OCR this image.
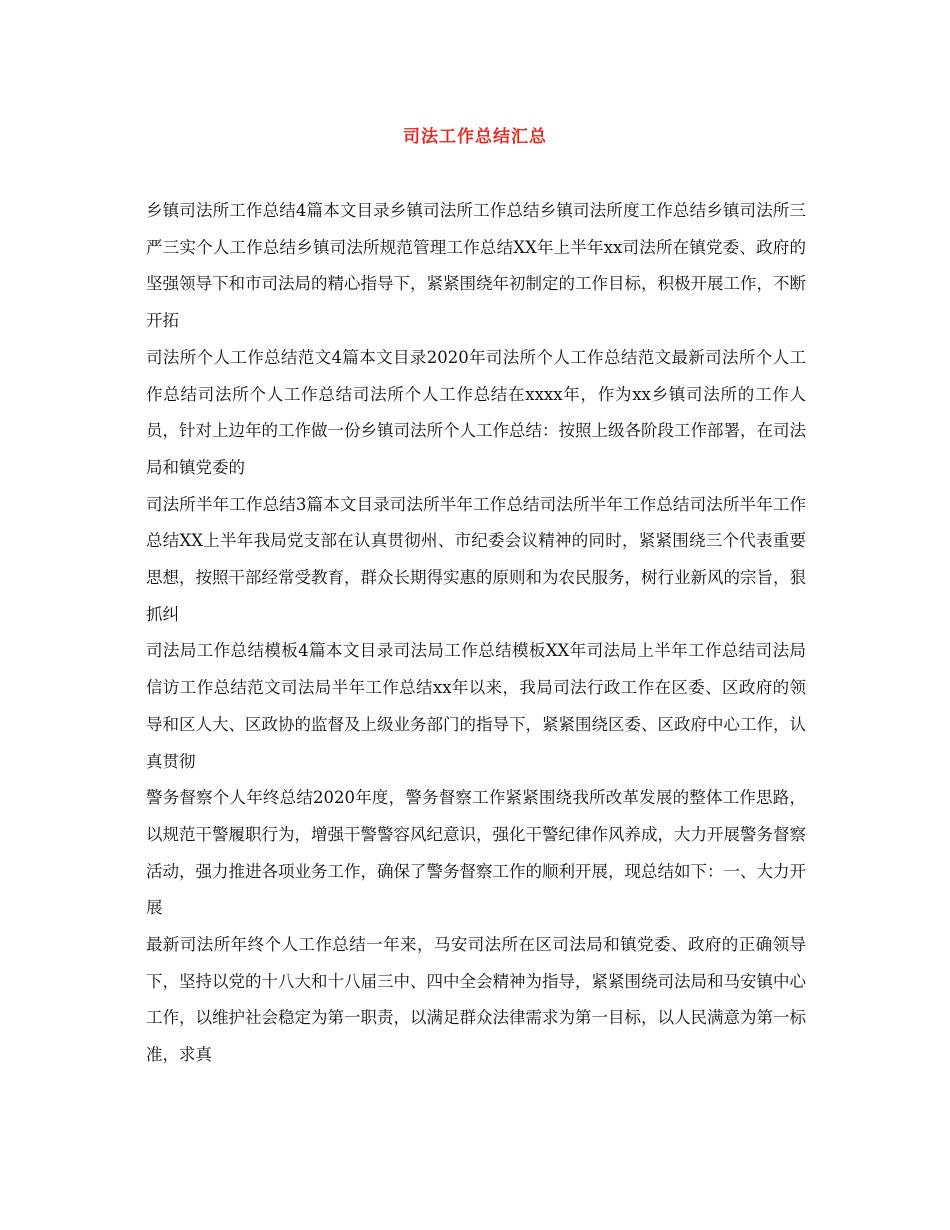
司法工作总结汇总

乡镇司法所工作总结4篇本文目录乡镇司法所工作总结乡镇司法所度工作总结乡镇司法所三严三实个人工作总结乡镇司法所规范管理工作总结XX年上半年xx司法所在镇党委、政府的坚强领导下和市司法局的精心指导下，紧紧围绕年初制定的工作目标，积极开展工作，不断开拓

司法所个人工作总结范文4篇本文目录2020年司法所个人工作总结范文最新司法所个人工作总结司法所个人工作总结司法所个人工作总结在xxxx年，作为xx乡镇司法所的工作人员，针对上边年的工作做一份乡镇司法所个人工作总结：按照上级各阶段工作部署，在司法局和镇党委的

司法所半年工作总结3篇本文目录司法所半年工作总结司法所半年工作总结司法所半年工作总结XX上半年我局党支部在认真贯彻州、市纪委会议精神的同时，紧紧围绕三个代表重要思想，按照干部经常受教育，群众长期得实惠的原则和为农民服务，树行业新风的宗旨，狠抓纠

司法局工作总结模板4篇本文目录司法局工作总结模板XX年司法局上半年工作总结司法局信访工作总结范文司法局半年工作总结xx年以来，我局司法行政工作在区委、区政府的领导和区人大、区政协的监督及上级业务部门的指导下，紧紧围绕区委、区政府中心工作，认真贯彻

警务督察个人年终总结2020年度，警务督察工作紧紧围绕我所改革发展的整体工作思路，以规范干警履职行为，增强干警警容风纪意识，强化干警纪律作风养成，大力开展警务督察活动，强力推进各项业务工作，确保了警务督察工作的顺利开展，现总结如下：一、大力开展

最新司法所年终个人工作总结一年来，马安司法所在区司法局和镇党委、政府的正确领导下，坚持以党的十八大和十八届三中、四中全会精神为指导，紧紧围绕司法局和马安镇中心工作，以维护社会稳定为第一职责，以满足群众法律需求为第一目标，以人民满意为第一标准，求真
